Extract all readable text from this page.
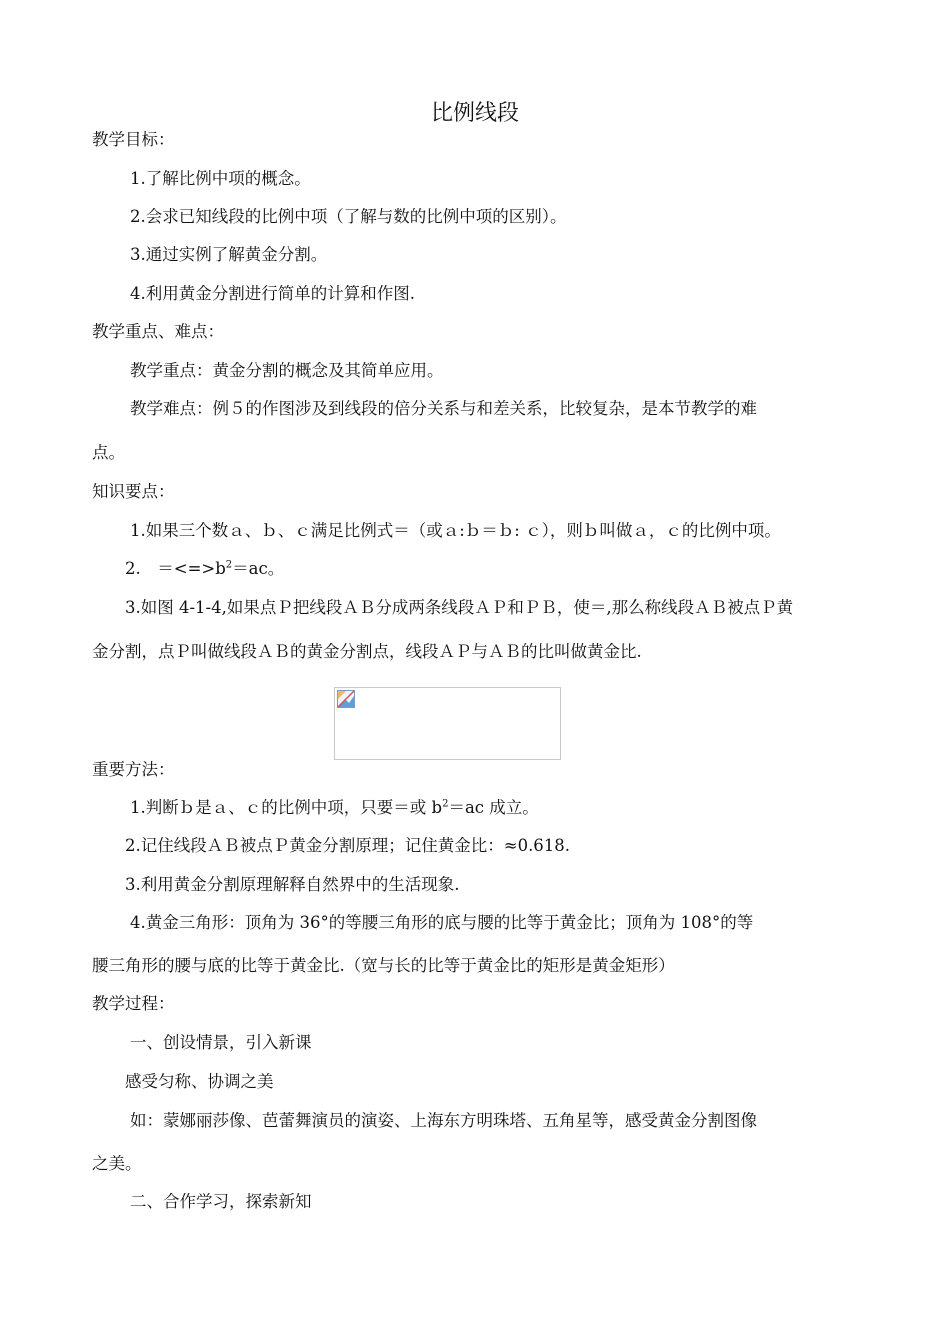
比例线段
教学目标：
1.了解比例中项的概念。
2.会求已知线段的比例中项（了解与数的比例中项的区别）。
3.通过实例了解黄金分割。
4.利用黄金分割进行简单的计算和作图.
教学重点、难点：
教学重点：黄金分割的概念及其简单应用。
教学难点：例５的作图涉及到线段的倍分关系与和差关系，比较复杂，是本节教学的难
点。
知识要点：
1.如果三个数ａ、ｂ、ｃ满足比例式＝（或ａ:ｂ＝ｂ: ｃ），则ｂ叫做ａ，ｃ的比例中项。
2.　$=<=>b^2=ac$。
3.如图 4-1-4,如果点Ｐ把线段ＡＢ分成两条线段ＡＰ和ＰＢ，使＝,那么称线段ＡＢ被点Ｐ黄
金分割，点Ｐ叫做线段ＡＢ的黄金分割点，线段ＡＰ与ＡＢ的比叫做黄金比.
重要方法：
1.判断ｂ是ａ、ｃ的比例中项，只要＝或 $b^2=ac$ 成立。
2.记住线段ＡＢ被点Ｐ黄金分割原理；记住黄金比：≈0.618.
3.利用黄金分割原理解释自然界中的生活现象.
4.黄金三角形：顶角为 36°的等腰三角形的底与腰的比等于黄金比；顶角为 108°的等
腰三角形的腰与底的比等于黄金比.（宽与长的比等于黄金比的矩形是黄金矩形）
教学过程：
一、创设情景，引入新课
感受匀称、协调之美
如：蒙娜丽莎像、芭蕾舞演员的演姿、上海东方明珠塔、五角星等，感受黄金分割图像
之美。
二、合作学习，探索新知
